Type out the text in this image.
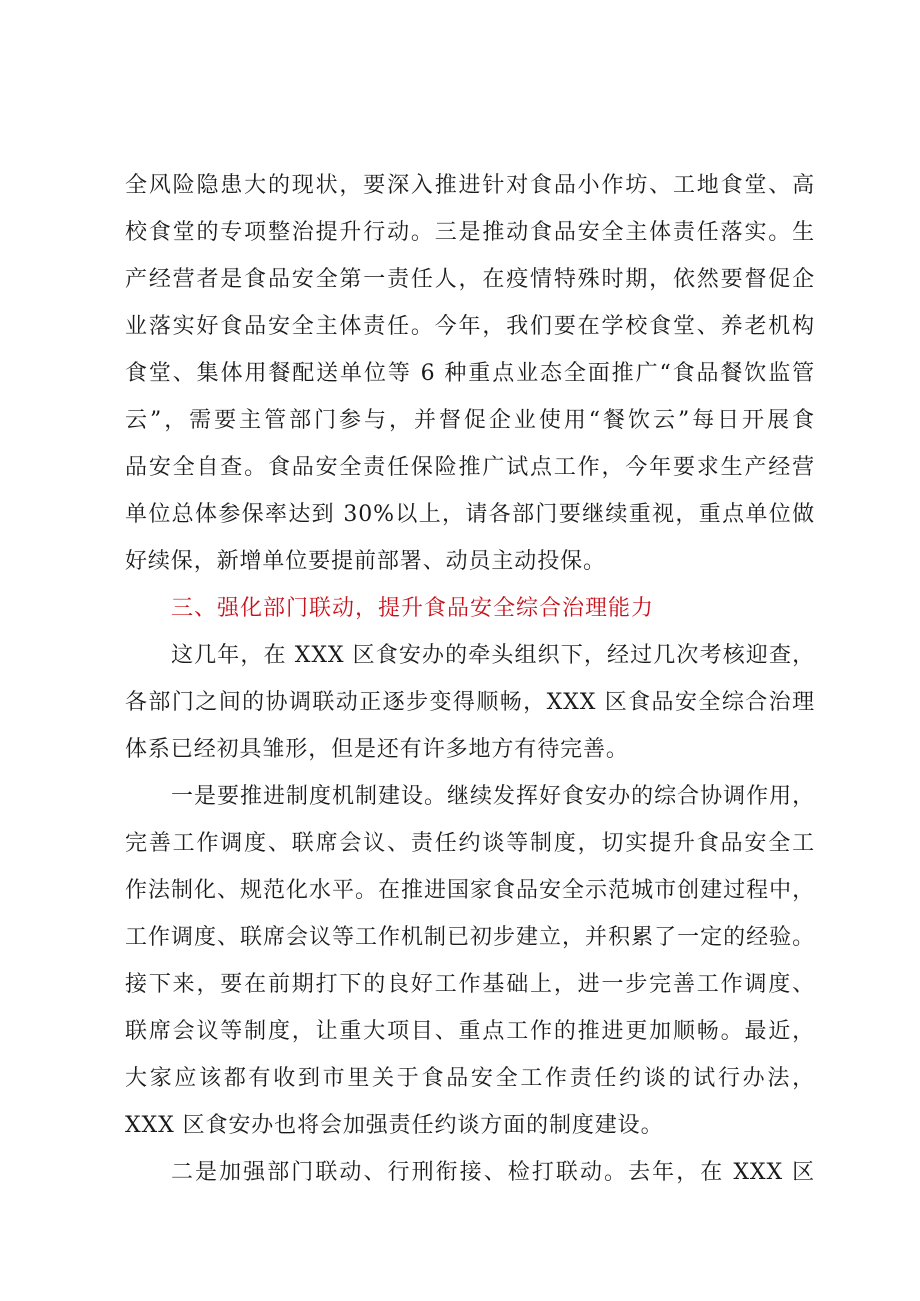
全风险隐患大的现状，要深入推进针对食品小作坊、工地食堂、高
校食堂的专项整治提升行动。三是推动食品安全主体责任落实。生
产经营者是食品安全第一责任人，在疫情特殊时期，依然要督促企
业落实好食品安全主体责任。今年，我们要在学校食堂、养老机构
食堂、集体用餐配送单位等 6 种重点业态全面推广“食品餐饮监管
云”，需要主管部门参与，并督促企业使用“餐饮云”每日开展食
品安全自查。食品安全责任保险推广试点工作，今年要求生产经营
单位总体参保率达到 30%以上，请各部门要继续重视，重点单位做
好续保，新增单位要提前部署、动员主动投保。
三、强化部门联动，提升食品安全综合治理能力
这几年，在 XXX 区食安办的牵头组织下，经过几次考核迎查，
各部门之间的协调联动正逐步变得顺畅，XXX 区食品安全综合治理
体系已经初具雏形，但是还有许多地方有待完善。
一是要推进制度机制建设。继续发挥好食安办的综合协调作用，
完善工作调度、联席会议、责任约谈等制度，切实提升食品安全工
作法制化、规范化水平。在推进国家食品安全示范城市创建过程中，
工作调度、联席会议等工作机制已初步建立，并积累了一定的经验。
接下来，要在前期打下的良好工作基础上，进一步完善工作调度、
联席会议等制度，让重大项目、重点工作的推进更加顺畅。最近，
大家应该都有收到市里关于食品安全工作责任约谈的试行办法，
XXX 区食安办也将会加强责任约谈方面的制度建设。
二是加强部门联动、行刑衔接、检打联动。去年，在 XXX 区
